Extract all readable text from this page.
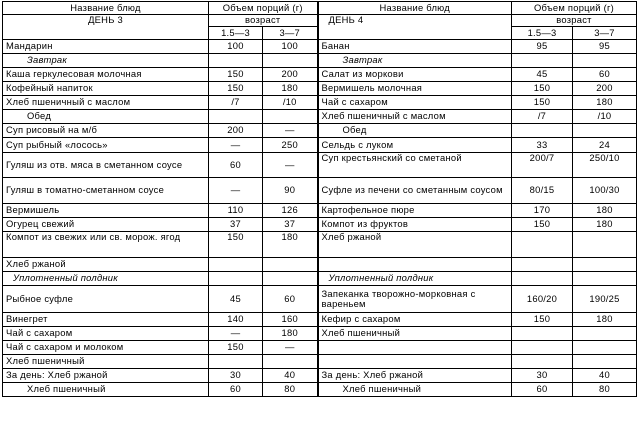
Название блюд	Объем порций (г)		Название блюд	Объем порций (г)	
ДЕНЬ 3	возраст		ДЕНЬ 4	возраст	
	1.5—3	3—7		1.5—3	3—7
Мандарин	100	100	Банан	95	95
Завтрак			Завтрак		
Каша геркулесовая молочная	150	200	Салат из моркови	45	60
Кофейный напиток	150	180	Вермишель молочная	150	200
Хлеб пшеничный с маслом	/7	/10	Чай с сахаром	150	180
Обед			Хлеб пшеничный с маслом	/7	/10
Суп рисовый на м/б	200	—	Обед		
Суп рыбный «лосось»	—	250	Сельдь с луком	33	24
Гуляш из отв. мяса в сметанном соусе	60	—	Суп крестьянский со сметаной	200/7	250/10
Гуляш в томатно-сметанном соусе	—	90	Суфле из печени со сметанным соусом	80/15	100/30
Вермишель	110	126	Картофельное пюре	170	180
Огурец свежий	37	37	Компот из фруктов	150	180
Компот из свежих или св. мoрож. ягод	150	180	Хлеб ржаной		
Хлеб ржаной					
Уплотненный полдник			Уплотненный полдник		
Рыбное суфле	45	60	Запеканка творожно-морковная с вареньем	160/20	190/25
Винегрет	140	160	Кефир с сахаром	150	180
Чай с сахаром	—	180	Хлеб пшеничный		
Чай с сахаром и молоком	150	—			
Хлеб пшеничный					
За день: Хлеб ржаной	30	40	За день: Хлеб ржаной	30	40
Хлеб пшеничный	60	80	Хлеб пшеничный	60	80
